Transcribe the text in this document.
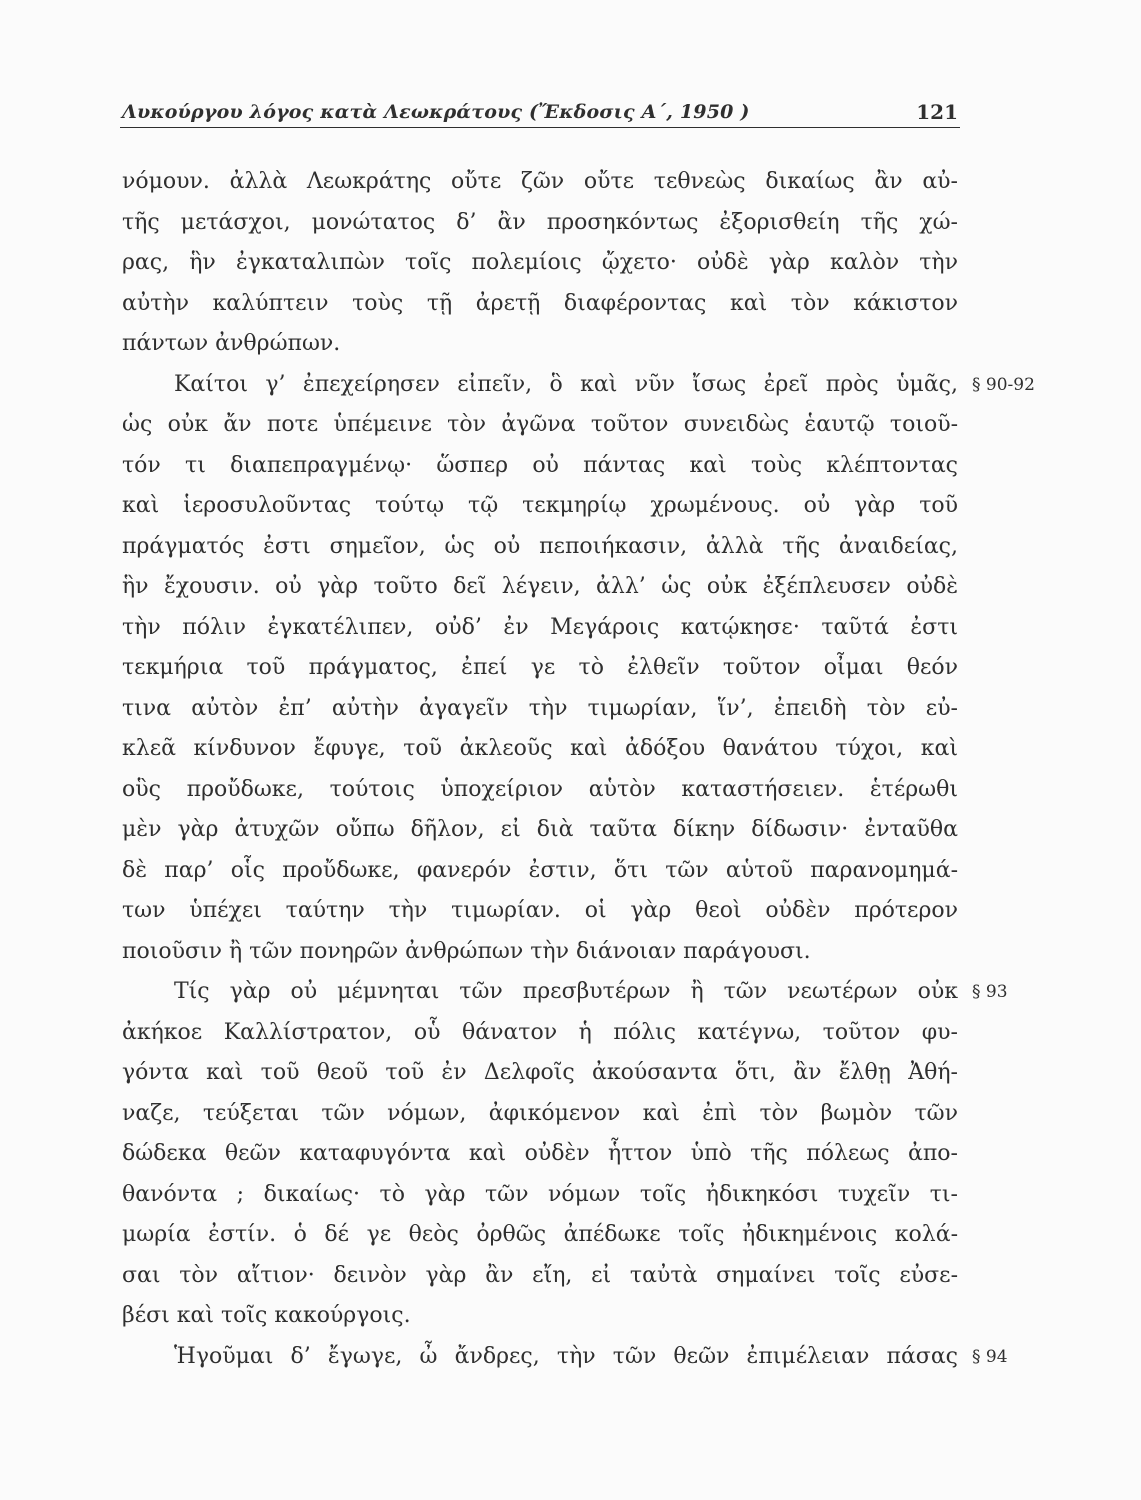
Λυκούργου λόγος κατὰ Λεωκράτους (Ἔκδοσις Α΄, 1950 )	121
νόμουν. ἀλλὰ Λεωκράτης οὔτε ζῶν οὔτε τεθνεὼς δικαίως ἂν αὐ-
τῆς μετάσχοι, μονώτατος δ’ ἂν προσηκόντως ἐξορισθείη τῆς χώ-
ρας, ἣν ἐγκαταλιπὼν τοῖς πολεμίοις ᾤχετο· οὐδὲ γὰρ καλὸν τὴν
αὐτὴν καλύπτειν τοὺς τῇ ἀρετῇ διαφέροντας καὶ τὸν κάκιστον
πάντων ἀνθρώπων.
Καίτοι γ’ ἐπεχείρησεν εἰπεῖν, ὃ καὶ νῦν ἴσως ἐρεῖ πρὸς ὑμᾶς, § 90-92
ὡς οὐκ ἄν ποτε ὑπέμεινε τὸν ἀγῶνα τοῦτον συνειδὼς ἑαυτῷ τοιοῦ-
τόν τι διαπεπραγμένῳ· ὥσπερ οὐ πάντας καὶ τοὺς κλέπτοντας
καὶ ἱεροσυλοῦντας τούτῳ τῷ τεκμηρίῳ χρωμένους. οὐ γὰρ τοῦ
πράγματός ἐστι σημεῖον, ὡς οὐ πεποιήκασιν, ἀλλὰ τῆς ἀναιδείας,
ἣν ἔχουσιν. οὐ γὰρ τοῦτο δεῖ λέγειν, ἀλλ’ ὡς οὐκ ἐξέπλευσεν οὐδὲ
τὴν πόλιν ἐγκατέλιπεν, οὐδ’ ἐν Μεγάροις κατῴκησε· ταῦτά ἐστι
τεκμήρια τοῦ πράγματος, ἐπεί γε τὸ ἐλθεῖν τοῦτον οἶμαι θεόν
τινα αὐτὸν ἐπ’ αὐτὴν ἀγαγεῖν τὴν τιμωρίαν, ἵν’, ἐπειδὴ τὸν εὐ-
κλεᾶ κίνδυνον ἔφυγε, τοῦ ἀκλεοῦς καὶ ἀδόξου θανάτου τύχοι, καὶ
οὓς προὔδωκε, τούτοις ὑποχείριον αὑτὸν καταστήσειεν. ἑτέρωθι
μὲν γὰρ ἀτυχῶν οὔπω δῆλον, εἰ διὰ ταῦτα δίκην δίδωσιν· ἐνταῦθα
δὲ παρ’ οἷς προὔδωκε, φανερόν ἐστιν, ὅτι τῶν αὑτοῦ παρανομημά-
των ὑπέχει ταύτην τὴν τιμωρίαν. οἱ γὰρ θεοὶ οὐδὲν πρότερον
ποιοῦσιν ἢ τῶν πονηρῶν ἀνθρώπων τὴν διάνοιαν παράγουσι.
Τίς γὰρ οὐ μέμνηται τῶν πρεσβυτέρων ἢ τῶν νεωτέρων οὐκ § 93
ἀκήκοε Καλλίστρατον, οὗ θάνατον ἡ πόλις κατέγνω, τοῦτον φυ-
γόντα καὶ τοῦ θεοῦ τοῦ ἐν Δελφοῖς ἀκούσαντα ὅτι, ἂν ἔλθῃ Ἀθή-
ναζε, τεύξεται τῶν νόμων, ἀφικόμενον καὶ ἐπὶ τὸν βωμὸν τῶν
δώδεκα θεῶν καταφυγόντα καὶ οὐδὲν ἧττον ὑπὸ τῆς πόλεως ἀπο-
θανόντα ; δικαίως· τὸ γὰρ τῶν νόμων τοῖς ἠδικηκόσι τυχεῖν τι-
μωρία ἐστίν. ὁ δέ γε θεὸς ὀρθῶς ἀπέδωκε τοῖς ἠδικημένοις κολά-
σαι τὸν αἴτιον· δεινὸν γὰρ ἂν εἴη, εἰ ταὐτὰ σημαίνει τοῖς εὐσε-
βέσι καὶ τοῖς κακούργοις.
Ἡγοῦμαι δ’ ἔγωγε, ὦ ἄνδρες, τὴν τῶν θεῶν ἐπιμέλειαν πάσας § 94
